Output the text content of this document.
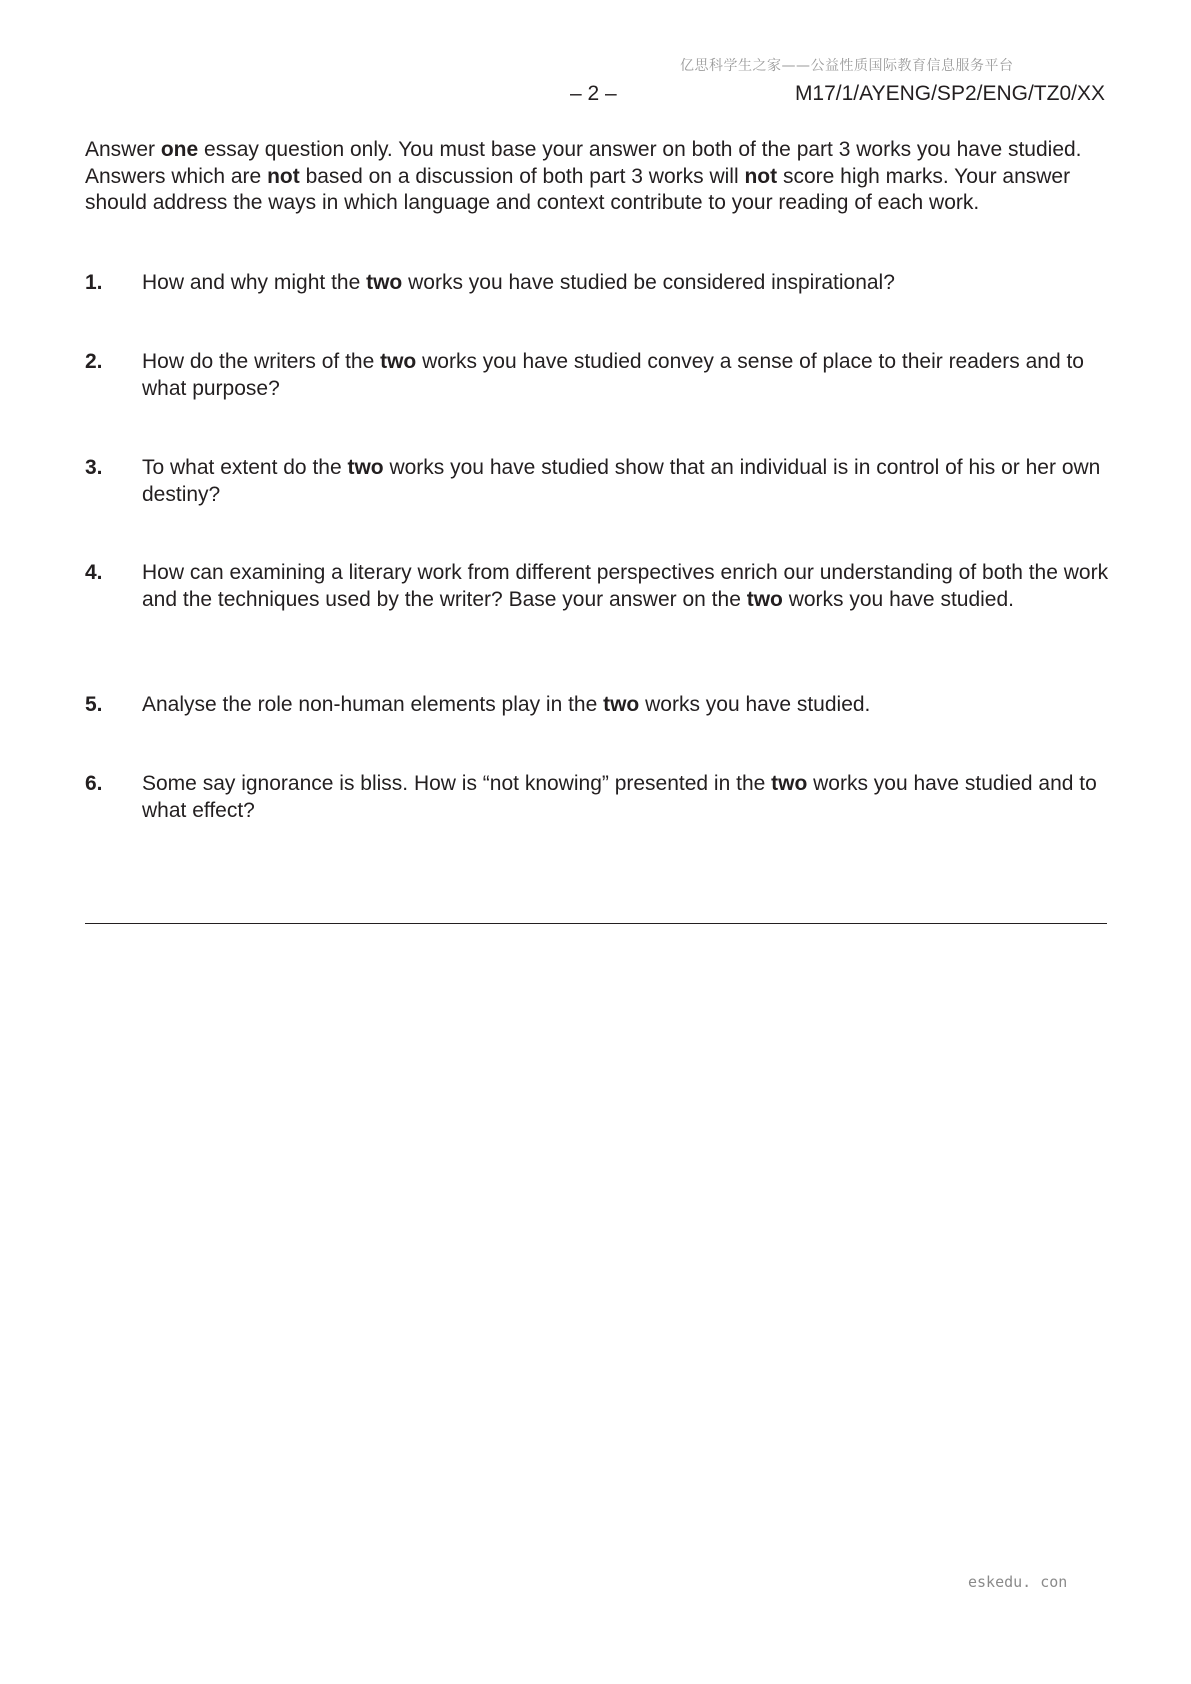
亿思科学生之家——公益性质国际教育信息服务平台
– 2 –	M17/1/AYENG/SP2/ENG/TZ0/XX
Answer one essay question only. You must base your answer on both of the part 3 works you have studied. Answers which are not based on a discussion of both part 3 works will not score high marks. Your answer should address the ways in which language and context contribute to your reading of each work.
1. How and why might the two works you have studied be considered inspirational?
2. How do the writers of the two works you have studied convey a sense of place to their readers and to what purpose?
3. To what extent do the two works you have studied show that an individual is in control of his or her own destiny?
4. How can examining a literary work from different perspectives enrich our understanding of both the work and the techniques used by the writer? Base your answer on the two works you have studied.
5. Analyse the role non-human elements play in the two works you have studied.
6. Some say ignorance is bliss. How is “not knowing” presented in the two works you have studied and to what effect?
eskedu. con
